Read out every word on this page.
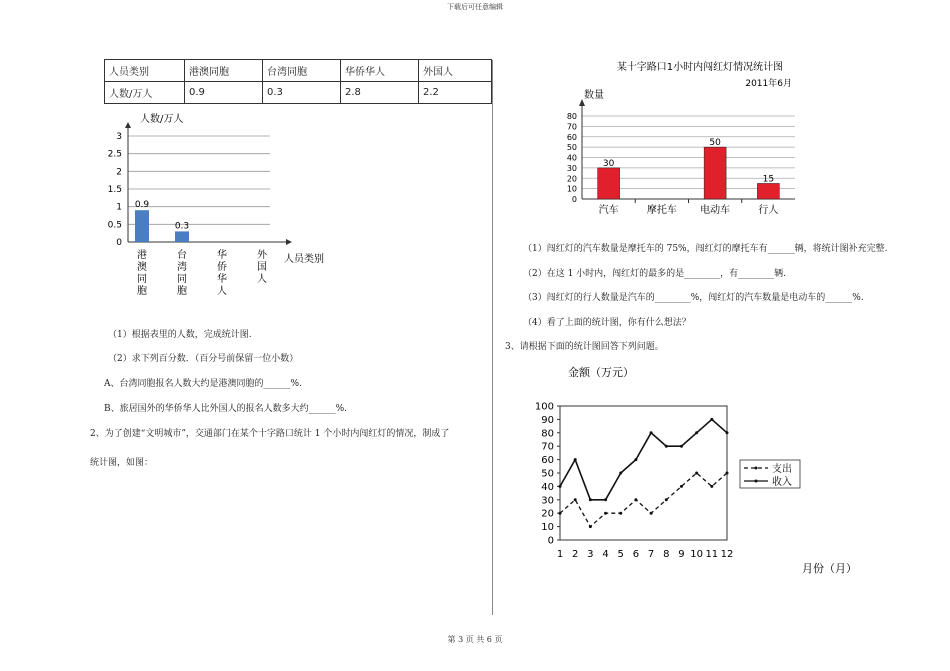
下载后可任意编辑
人员类别	港澳同胞	台湾同胞	华侨华人	外国人
人数/万人	0.9	0.3	2.8	2.2
人数/万人
0
0.5
1
1.5
2
2.5
3
人员类别
0.9
港
澳
同
胞
0.3
台
湾
同
胞
华
侨
华
人
外
国
人
（1）根据表里的人数，完成统计图.
（2）求下列百分数．（百分号前保留一位小数）
A、台湾同胞报名人数大约是港澳同胞的______%.
B、旅居国外的华侨华人比外国人的报名人数多大约______%.
2、为了创建“文明城市”，交通部门在某个十字路口统计 1 个小时内闯红灯的情况，制成了
统计图，如图：
某十字路口1小时内闯红灯情况统计图
2011年6月
数量
0
10
20
30
40
50
60
70
80
30
汽车	摩托车
50
电动车
15
行人
（1）闯红灯的汽车数量是摩托车的 75%，闯红灯的摩托车有______辆，将统计图补充完整.
（2）在这 1 小时内，闯红灯的最多的是________，有________辆.
（3）闯红灯的行人数量是汽车的________%，闯红灯的汽车数量是电动车的______%.
（4）看了上面的统计图，你有什么想法？
3、请根据下面的统计图回答下列问题。
金额（万元）
月份（月）
0
10
20
30
40
50
60
70
80
90
100
1 2 3 4 5 6 7 8 9 10 11 12
支出
收入
第 3 页 共 6 页
